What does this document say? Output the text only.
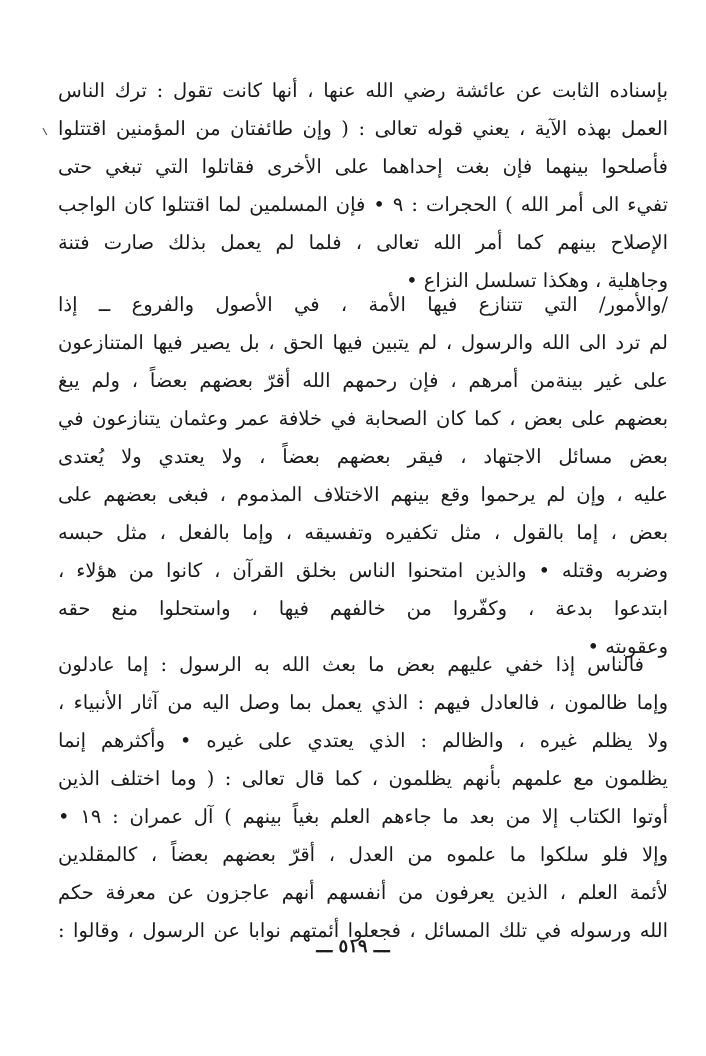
بإسناده الثابت عن عائشة رضي الله عنها ، أنها كانت تقول : ترك الناس
العمل بهذه الآية ، يعني قوله تعالى : ( وإن طائفتان من المؤمنين اقتتلوا
فأصلحوا بينهما فإن بغت إحداهما على الأخرى فقاتلوا التي تبغي حتى
تفيء الى أمر الله ) الحجرات : ٩ • فإن المسلمين لما اقتتلوا كان الواجب
الإصلاح بينهم كما أمر الله تعالى ، فلما لم يعمل بذلك صارت فتنة
وجاهلية ، وهكذا تسلسل النزاع •
/والأمور/ التي تتنازع فيها الأمة ، في الأصول والفروع ــ إذا
لم ترد الى الله والرسول ، لم يتبين فيها الحق ، بل يصير فيها المتنازعون
على غير بينةمن أمرهم ، فإن رحمهم الله أقرّ بعضهم بعضاً ، ولم يبغ
بعضهم على بعض ، كما كان الصحابة في خلافة عمر وعثمان يتنازعون في
بعض مسائل الاجتهاد ، فيقر بعضهم بعضاً ، ولا يعتدي ولا يُعتدى
عليه ، وإن لم يرحموا وقع بينهم الاختلاف المذموم ، فبغى بعضهم على
بعض ، إما بالقول ، مثل تكفيره وتفسيقه ، وإما بالفعل ، مثل حبسه
وضربه وقتله • والذين امتحنوا الناس بخلق القرآن ، كانوا من هؤلاء ،
ابتدعوا بدعة ، وكفّروا من خالفهم فيها ، واستحلوا منع حقه
وعقوبته •
فالناس إذا خفي عليهم بعض ما بعث الله به الرسول : إما عادلون
وإما ظالمون ، فالعادل فيهم : الذي يعمل بما وصل اليه من آثار الأنبياء ،
ولا يظلم غيره ، والظالم : الذي يعتدي على غيره • وأكثرهم إنما
يظلمون مع علمهم بأنهم يظلمون ، كما قال تعالى : ( وما اختلف الذين
أوتوا الكتاب إلا من بعد ما جاءهم العلم بغياً بينهم ) آل عمران : ١٩ •
وإلا فلو سلكوا ما علموه من العدل ، أقرّ بعضهم بعضاً ، كالمقلدين
لأئمة العلم ، الذين يعرفون من أنفسهم أنهم عاجزون عن معرفة حكم
الله ورسوله في تلك المسائل ، فجعلوا أئمتهم نوابا عن الرسول ، وقالوا :
ـــ ٥١٩ ـــ
